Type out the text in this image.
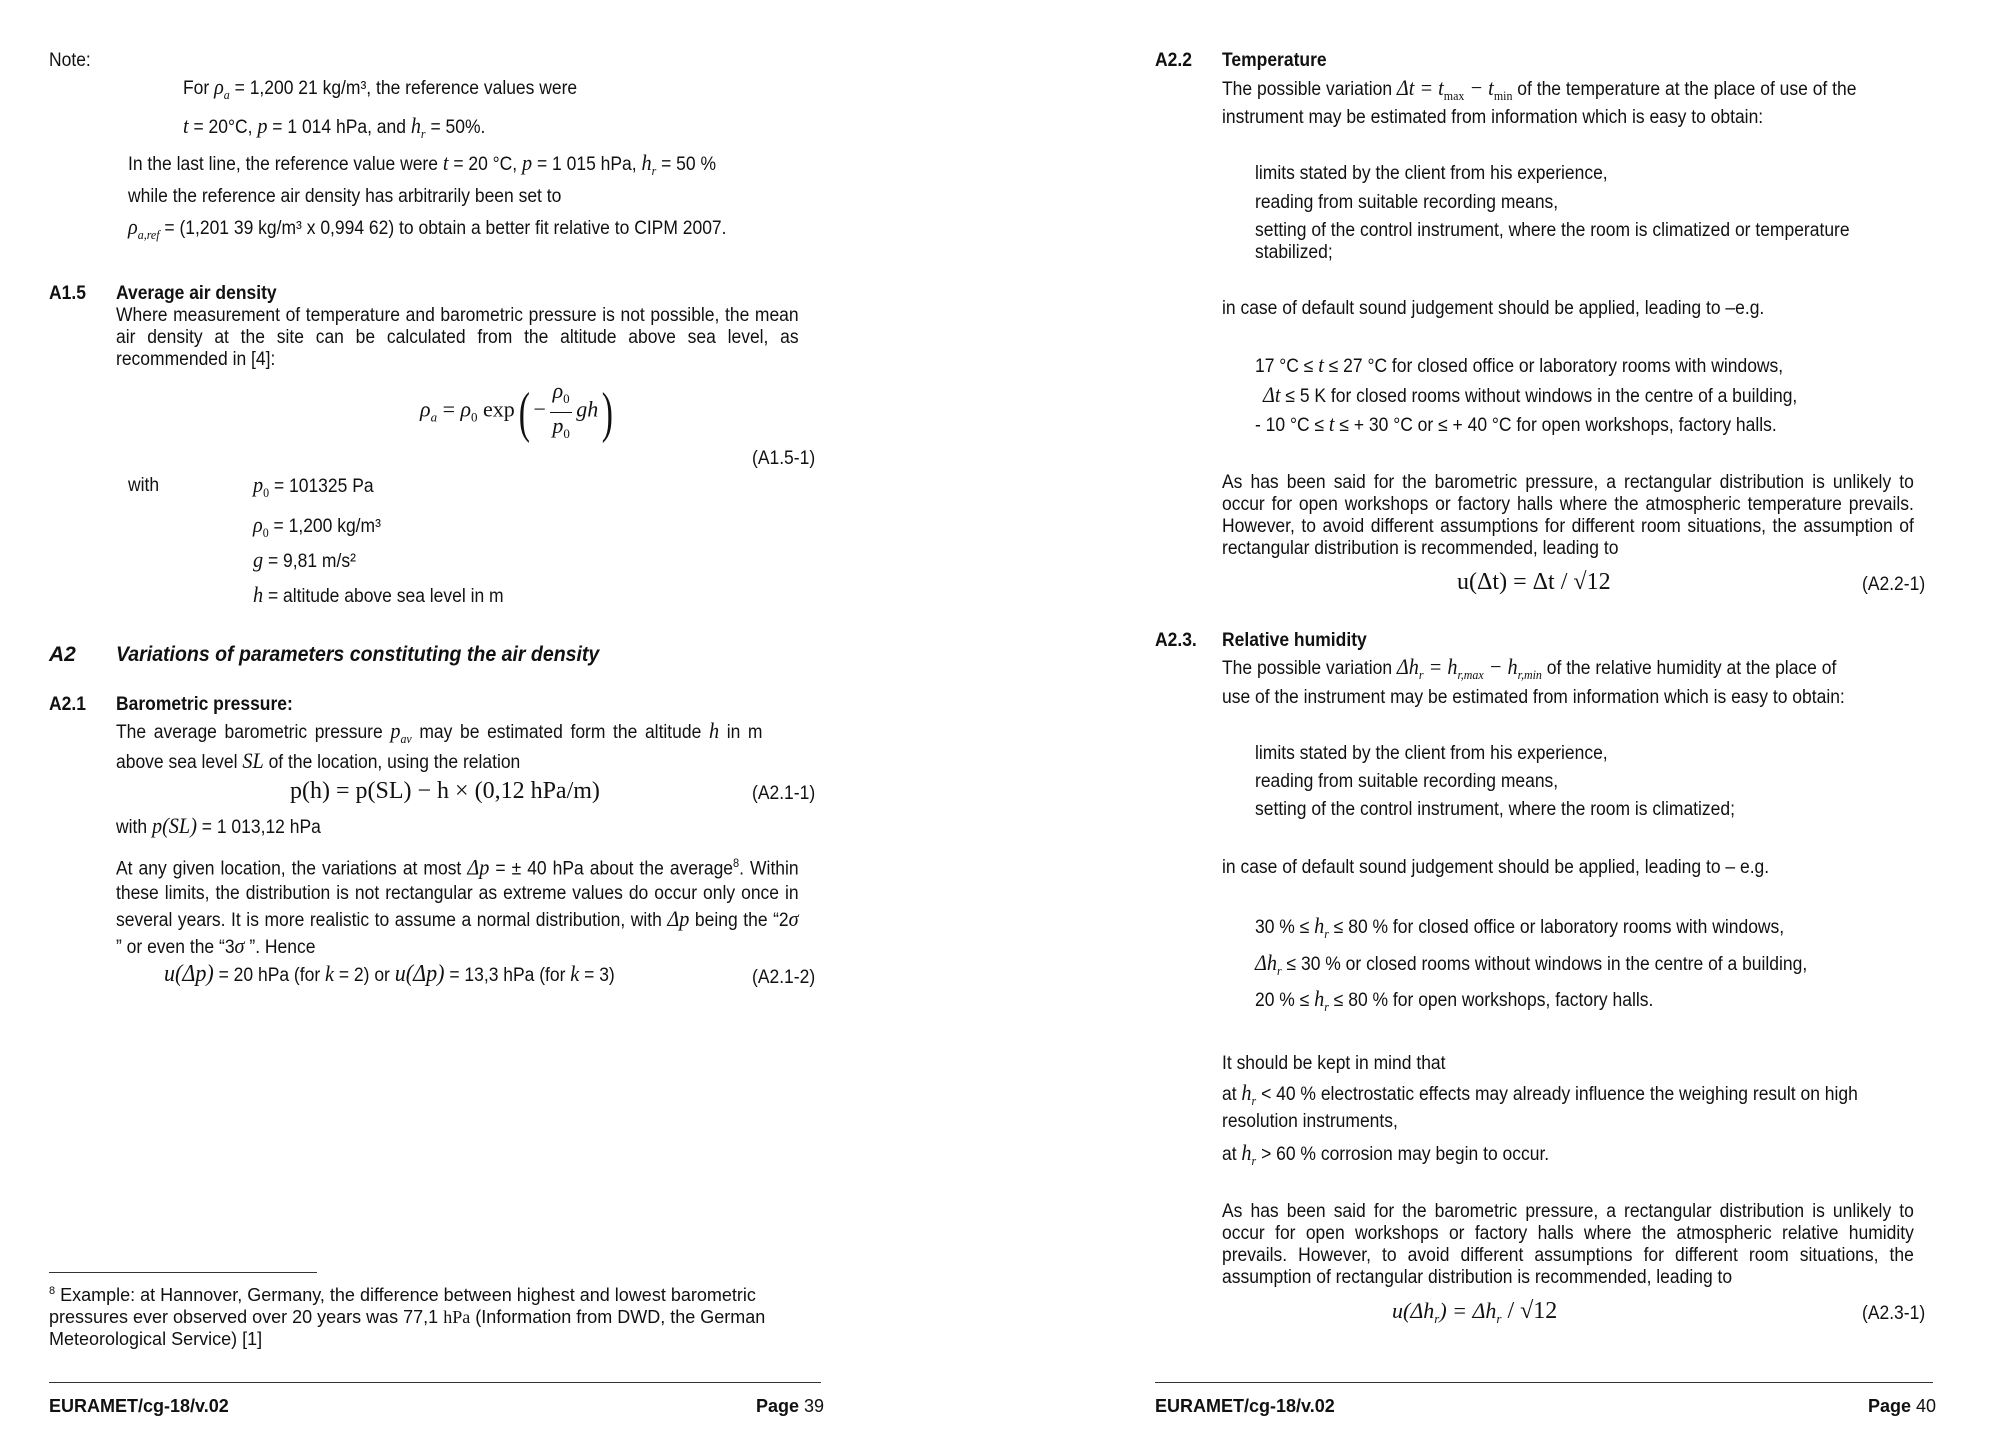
Note:
For $\rho_a = 1,200$ 21 kg/m³, the reference values were
t = 20°C, p = 1 014 hPa, and $h_r = 50\%$.
In the last line, the reference value were t = 20 °C, p = 1 015 hPa, $h_r = 50$ %
while the reference air density has arbitrarily been set to
$\rho_{a,ref} = (1,201$ 39 kg/m³ x 0,994 62) to obtain a better fit relative to CIPM 2007.
A1.5 Average air density
Where measurement of temperature and barometric pressure is not possible, the mean air density at the site can be calculated from the altitude above sea level, as recommended in [4]:
$\rho_a = \rho_0$ $\exp( - \frac{\rho_0}{p_0} gh)$
(A1.5-1)
with	$p_0 = 101325$ Pa
$\rho_0 = 1,200$ kg/m³
g = 9,81 m/s²
h = altitude above sea level in m
A2 Variations of parameters constituting the air density
A2.1 Barometric pressure:
The average barometric pressure $p_{av}$ may be estimated form the altitude h in m
above sea level SL of the location, using the relation
p(h) = p(SL) − h × (0,12 hPa/m)	(A2.1-1)
with p(SL) = 1 013,12 hPa
At any given location, the variations at most Δp = ± 40 hPa about the average$^8$. Within these limits, the distribution is not rectangular as extreme values do occur only once in several years. It is more realistic to assume a normal distribution, with Δp being the “2σ ” or even the “3σ ”. Hence
u(Δp) = 20 hPa (for k = 2) or u(Δp) = 13,3 hPa (for k = 3)	(A2.1-2)
$^8$ Example: at Hannover, Germany, the difference between highest and lowest barometric pressures ever observed over 20 years was 77,1 hPa (Information from DWD, the German Meteorological Service) [1]
EURAMET/cg-18/v.02	Page 39
A2.2 Temperature
The possible variation $\Delta t = t_{max} - t_{min}$ of the temperature at the place of use of the
instrument may be estimated from information which is easy to obtain:
limits stated by the client from his experience,
reading from suitable recording means,
setting of the control instrument, where the room is climatized or temperature stabilized;
in case of default sound judgement should be applied, leading to –e.g.
17 °C ≤ t ≤ 27 °C for closed office or laboratory rooms with windows,
Δt ≤ 5 K for closed rooms without windows in the centre of a building,
- 10 °C ≤ t ≤ + 30 °C or ≤ + 40 °C for open workshops, factory halls.
As has been said for the barometric pressure, a rectangular distribution is unlikely to occur for open workshops or factory halls where the atmospheric temperature prevails. However, to avoid different assumptions for different room situations, the assumption of rectangular distribution is recommended, leading to
u(Δt) = Δt / √12	(A2.2-1)
A2.3. Relative humidity
The possible variation $\Delta h_r = h_{r,max} - h_{r,min}$ of the relative humidity at the place of
use of the instrument may be estimated from information which is easy to obtain:
limits stated by the client from his experience,
reading from suitable recording means,
setting of the control instrument, where the room is climatized;
in case of default sound judgement should be applied, leading to – e.g.
30 % ≤ $h_r \le 80$ % for closed office or laboratory rooms with windows,
$\Delta h_r \le 30$ % or closed rooms without windows in the centre of a building,
20 % ≤ $h_r \le 80$ % for open workshops, factory halls.
It should be kept in mind that
at $h_r < 40$ % electrostatic effects may already influence the weighing result on high
resolution instruments,
at $h_r > 60$ % corrosion may begin to occur.
As has been said for the barometric pressure, a rectangular distribution is unlikely to occur for open workshops or factory halls where the atmospheric relative humidity prevails. However, to avoid different assumptions for different room situations, the assumption of rectangular distribution is recommended, leading to
$u(\Delta h_r) = \Delta h_r / √12$	(A2.3-1)
EURAMET/cg-18/v.02	Page 40
